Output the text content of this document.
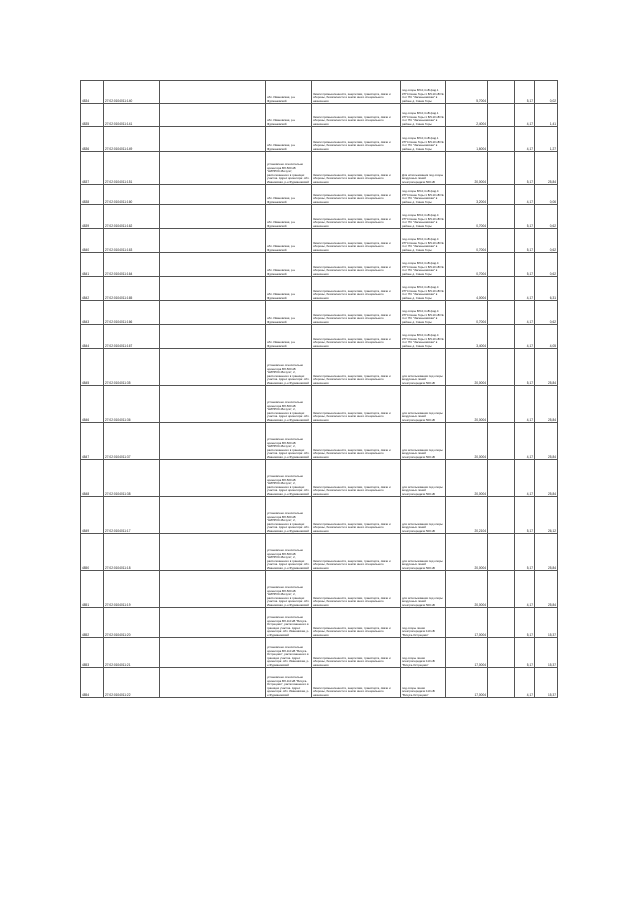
4834	27:02:0104011:140		обл. Ивановская, р-н Фурмановский	Земли промышленности, энергетики, транспорта, связи и обороны, безопасности и земли иного специального назначения	под опоры ВЛ-0,4 кВ фид.1 КТП-Синие Горы 1 ВЛ-10 кВ № 4 от ПС "Засеньковская" в районе д. Синие Горы	5,7004		5,17	0,02
4835	27:02:0104011:141		обл. Ивановская, р-н Фурмановский	Земли промышленности, энергетики, транспорта, связи и обороны, безопасности и земли иного специального назначения	под опоры ВЛ-0,4 кВ фид.1 КТП-Синие Горы 1 ВЛ-10 кВ № 4 от ПС "Засеньковская" в районе д. Синие Горы	2,4004		4,17	1,41
4836	27:02:0104011:149		обл. Ивановская, р-н Фурмановский	Земли промышленности, энергетики, транспорта, связи и обороны, безопасности и земли иного специального назначения	под опоры ВЛ-0,4 кВ фид.1 КТП-Синие Горы 1 ВЛ-10 кВ № 4 от ПС "Засеньковская" в районе д. Синие Горы	1,6004		4,17	1,27
4837	27:02:0104011:151		установлено относительно ориентира ВЛ-500 кВ "НИПРОС-Вичуга", расположенного в границах участка. Адрес ориентира: обл. Ивановская, р-н Фурмановский	Земли промышленности, энергетики, транспорта, связи и обороны, безопасности и земли иного специального назначения	Для использования под опоры воздушных линий электропередачи 500 кВ	20,0004		5,17	25,84
4838	27:02:0104011:160		обл. Ивановская, р-н Фурмановский	Земли промышленности, энергетики, транспорта, связи и обороны, безопасности и земли иного специального назначения	под опоры ВЛ-0,4 кВ фид.4 КТП-Синие Горы 1 ВЛ-10 кВ № 4 от ПС "Засеньковская" в районе д. Синие Горы	3,2004		4,17	0,06
4839	27:02:0104011:162		обл. Ивановская, р-н Фурмановский	Земли промышленности, энергетики, транспорта, связи и обороны, безопасности и земли иного специального назначения	под опоры ВЛ-0,4 кВ фид.4 КТП-Синие Горы 1 ВЛ-10 кВ № 4 от ПС "Засеньковская" в районе д. Синие Горы	0,7004		5,17	0,62
4840	27:02:0104011:163		обл. Ивановская, р-н Фурмановский	Земли промышленности, энергетики, транспорта, связи и обороны, безопасности и земли иного специального назначения	под опоры ВЛ-0,4 кВ фид.4 КТП-Синие Горы 1 ВЛ-10 кВ № 4 от ПС "Засеньковская" в районе д. Синие Горы	0,7004		5,17	0,62
4841	27:02:0104011:164		обл. Ивановская, р-н Фурмановский	Земли промышленности, энергетики, транспорта, связи и обороны, безопасности и земли иного специального назначения	под опоры ВЛ-0,4 кВ фид.4 КТП-Синие Горы 1 ВЛ-10 кВ № 4 от ПС "Засеньковская" в районе д. Синие Горы	0,7004		5,17	0,62
4842	27:02:0104011:165		обл. Ивановская, р-н Фурмановский	Земли промышленности, энергетики, транспорта, связи и обороны, безопасности и земли иного специального назначения	под опоры ВЛ-0,4 кВ фид.4 КТП-Синие Горы 1 ВЛ-10 кВ № 4 от ПС "Засеньковская" в районе д. Синие Горы	4,0004		4,17	6,31
4843	27:02:0104011:166		обл. Ивановская, р-н Фурмановский	Земли промышленности, энергетики, транспорта, связи и обороны, безопасности и земли иного специального назначения	под опоры ВЛ-0,4 кВ фид.4 КТП-Синие Горы 1 ВЛ-10 кВ № 4 от ПС "Засеньковская" в районе д. Синие Горы	0,7004		4,17	0,62
4844	27:02:0104011:167		обл. Ивановская, р-н Фурмановский	Земли промышленности, энергетики, транспорта, связи и обороны, безопасности и земли иного специального назначения	под опоры ВЛ-0,4 кВ фид.4 КТП-Синие Горы 1 ВЛ-10 кВ № 4 от ПС "Засеньковская" в районе д. Синие Горы	3,4004		4,17	4,05
4845	27:02:0104011:35		установлено относительно ориентира ВЛ-500 кВ "НИПРОС-Вичуга", 2, расположенного в границах участка. Адрес ориентира: обл. Ивановская, р-н Фурмановский	Земли промышленности, энергетики, транспорта, связи и обороны, безопасности и земли иного специального назначения	для использования под опоры воздушных линий электропередачи 500 кВ	20,0004		5,17	25,84
4846	27:02:0104011:36		установлено относительно ориентира ВЛ-500 кВ "НИПРОС-Вичуга", 2, расположенного в границах участка. Адрес ориентира: обл. Ивановская, р-н Фурмановский	Земли промышленности, энергетики, транспорта, связи и обороны, безопасности и земли иного специального назначения	для использования под опоры воздушных линий электропередачи 500 кВ	20,0004		4,17	25,84
4847	27:02:0104011:37		установлено относительно ориентира ВЛ-500 кВ "НИПРОС-Вичуга", 2, расположенного в границах участка. Адрес ориентира: обл. Ивановская, р-н Фурмановский	Земли промышленности, энергетики, транспорта, связи и обороны, безопасности и земли иного специального назначения	для использования под опоры воздушных линий электропередачи 500 кВ	20,0004		4,17	25,84
4848	27:02:0104011:38		установлено относительно ориентира ВЛ-500 кВ "НИПРОС-Вичуга", 2, расположенного в границах участка. Адрес ориентира: обл. Ивановская, р-н Фурмановский	Земли промышленности, энергетики, транспорта, связи и обороны, безопасности и земли иного специального назначения	для использования под опоры воздушных линий электропередачи 500 кВ	20,0004		4,17	25,84
4849	27:02:0104011:17		установлено относительно ориентира ВЛ-500 кВ "НИПРОС-Вичуга", 2, расположенного в границах участка. Адрес ориентира: обл. Ивановская, р-н Фурмановский	Земли промышленности, энергетики, транспорта, связи и обороны, безопасности и земли иного специального назначения	для использования под опоры воздушных линий электропередачи 500 кВ	20,2104		5,17	26,12
4850	27:02:0104011:18		установлено относительно ориентира ВЛ-500 кВ "НИПРОС-Вичуга", 2, расположенного в границах участка. Адрес ориентира: обл. Ивановская, р-н Фурмановский	Земли промышленности, энергетики, транспорта, связи и обороны, безопасности и земли иного специального назначения	для использования под опоры воздушных линий электропередачи 500 кВ	20,0004		5,17	25,84
4851	27:02:0104011:19		установлено относительно ориентира ВЛ-500 кВ "НИПРОС-Вичуга", 2, расположенного в границах участка. Адрес ориентира: обл. Ивановская, р-н Фурмановский	Земли промышленности, энергетики, транспорта, связи и обороны, безопасности и земли иного специального назначения	для использования под опоры воздушных линий электропередачи 500 кВ	20,0004		4,17	25,84
4852	27:02:0104011:20		установлено относительно ориентира ВЛ-110 кВ "Вичуга-Острецово", расположенного в границах участка. Адрес ориентира: обл. Ивановская, р-н Фурмановский	Земли промышленности, энергетики, транспорта, связи и обороны, безопасности и земли иного специального назначения	под опоры линии электропередачи 110 кВ "Вичуга-Острецово"	17,0004		5,17	15,37
4853	27:02:0104011:21		установлено относительно ориентира ВЛ-110 кВ "Вичуга-Острецово", расположенного в границах участка. Адрес ориентира: обл. Ивановская, р-н Фурмановский	Земли промышленности, энергетики, транспорта, связи и обороны, безопасности и земли иного специального назначения	под опоры линии электропередачи 110 кВ "Вичуга-Острецово"	17,0004		5,17	15,37
4854	27:02:0104011:22		установлено относительно ориентира ВЛ-110 кВ "Вичуга-Острецово", расположенного в границах участка. Адрес ориентира: обл. Ивановская, р-н Фурмановский	Земли промышленности, энергетики, транспорта, связи и обороны, безопасности и земли иного специального назначения	под опоры линии электропередачи 110 кВ "Вичуга-Острецово"	17,0004		4,17	15,37
